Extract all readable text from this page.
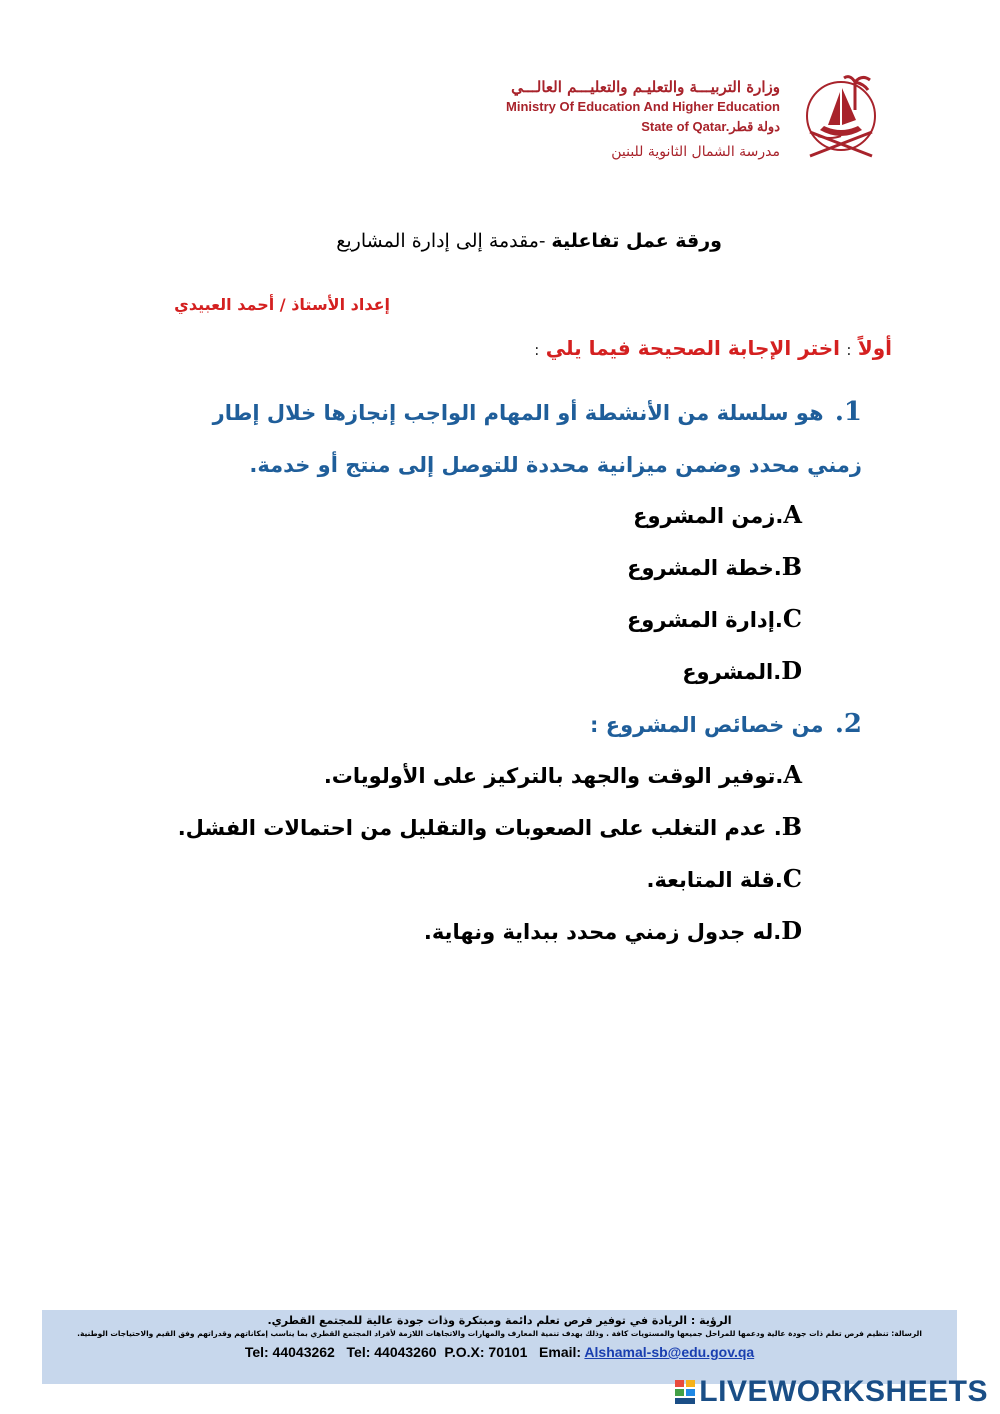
وزارة التربيـــة والتعليـم والتعليـــم العالـــي
Ministry Of Education And Higher Education
State of Qatar.دولة قطر
مدرسة الشمال الثانوية للبنين
ورقة عمل تفاعلية -مقدمة إلى إدارة المشاريع
إعداد الأستاذ / أحمد العبيدي
أولاً : اختر الإجابة الصحيحة فيما يلي :
1. هو سلسلة من الأنشطة أو المهام الواجب إنجازها خلال إطار زمني محدد وضمن ميزانية محددة للتوصل إلى منتج أو خدمة.
A.زمن المشروع
B.خطة المشروع
C.إدارة المشروع
D.المشروع
2. من خصائص المشروع :
A.توفير الوقت والجهد بالتركيز على الأولويات.
B. عدم التغلب على الصعوبات والتقليل من احتمالات الفشل.
C.قلة المتابعة.
D.له جدول زمني محدد ببداية ونهاية.
الرؤية : الريادة في توفير فرص تعلم دائمة ومبتكرة وذات جودة عالية للمجتمع القطري.
الرسالة: تنظيم فرص تعلم ذات جودة عالية ودعمها للمراحل جميعها والمستويات كافة . وذلك بهدف تنمية المعارف والمهارات والاتجاهات اللازمة لأفراد المجتمع القطري بما يناسب إمكاناتهم وقدراتهم وفق القيم والاحتياجات الوطنية.
Tel: 44043262 Tel: 44043260 P.O.X: 70101 Email: Alshamal-sb@edu.gov.qa
LIVEWORKSHEETS
